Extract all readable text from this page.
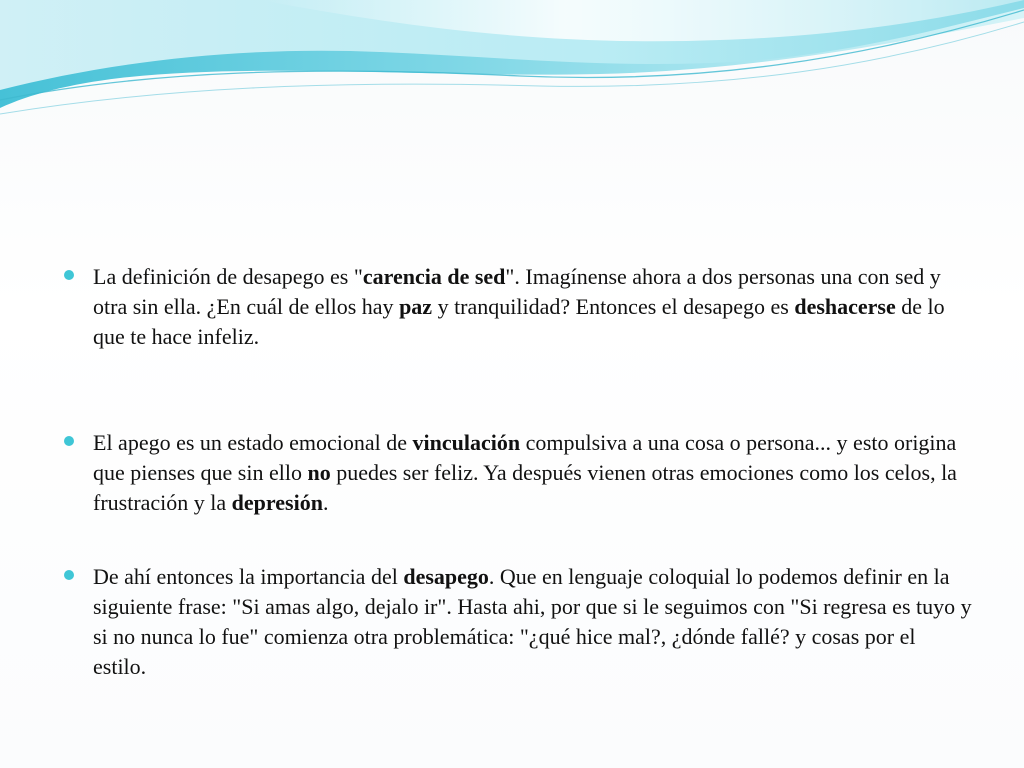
La definición de desapego es "carencia de sed". Imagínense ahora a dos personas una con sed y otra sin ella. ¿En cuál de ellos hay paz y tranquilidad? Entonces el desapego es deshacerse de lo que te hace infeliz.
El apego es un estado emocional de vinculación compulsiva a una cosa o persona... y esto origina que pienses que sin ello no puedes ser feliz. Ya después vienen otras emociones como los celos, la frustración y la depresión.
De ahí entonces la importancia del desapego. Que en lenguaje coloquial lo podemos definir en la siguiente frase: "Si amas algo, dejalo ir". Hasta ahi, por que si le seguimos con "Si regresa es tuyo y si no nunca lo fue" comienza otra problemática: "¿qué hice mal?, ¿dónde fallé? y cosas por el estilo.
